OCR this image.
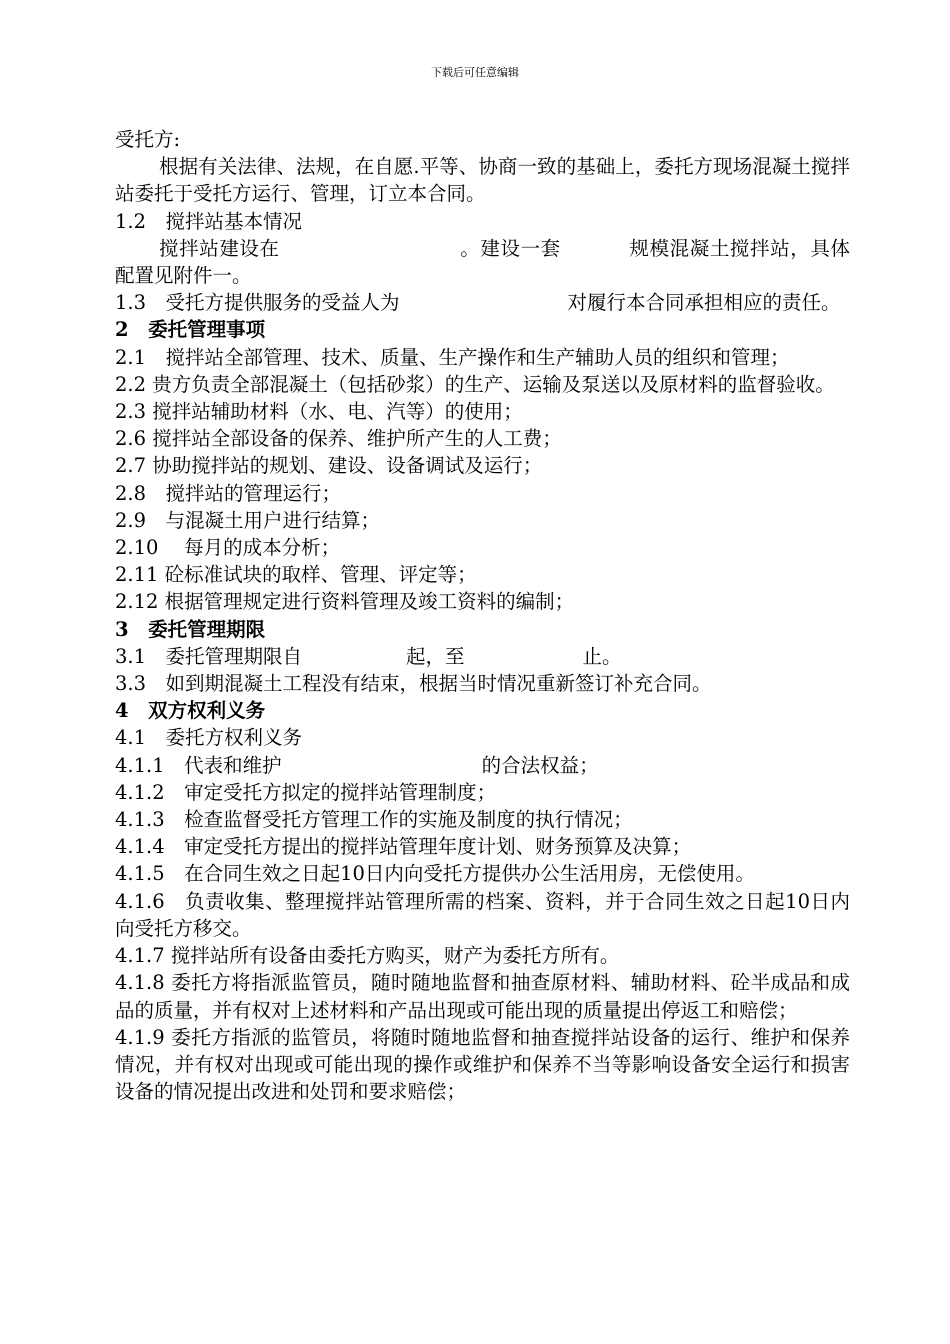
下载后可任意编辑

受托方:

根据有关法律、法规，在自愿.平等、协商一致的基础上，委托方现场混凝土搅拌站委托于受托方运行、管理，订立本合同。

1.2　搅拌站基本情况

搅拌站建设在	。建设一套	规模混凝土搅拌站，具体配置见附件一。

1.3　受托方提供服务的受益人为	对履行本合同承担相应的责任。

2　委托管理事项

2.1　搅拌站全部管理、技术、质量、生产操作和生产辅助人员的组织和管理；

2.2 贵方负责全部混凝土（包括砂浆）的生产、运输及泵送以及原材料的监督验收。

2.3 搅拌站辅助材料（水、电、汽等）的使用；

2.6 搅拌站全部设备的保养、维护所产生的人工费；

2.7 协助搅拌站的规划、建设、设备调试及运行；

2.8　搅拌站的管理运行；

2.9　与混凝土用户进行结算；

2.10　 每月的成本分析；

2.11 砼标准试块的取样、管理、评定等；

2.12 根据管理规定进行资料管理及竣工资料的编制；

3　委托管理期限

3.1　委托管理期限自	起，至	止。

3.3　如到期混凝土工程没有结束，根据当时情况重新签订补充合同。

4　双方权利义务

4.1　委托方权利义务

4.1.1　代表和维护	的合法权益；

4.1.2　审定受托方拟定的搅拌站管理制度；

4.1.3　检查监督受托方管理工作的实施及制度的执行情况；

4.1.4　审定受托方提出的搅拌站管理年度计划、财务预算及决算；

4.1.5　在合同生效之日起10日内向受托方提供办公生活用房，无偿使用。

4.1.6　负责收集、整理搅拌站管理所需的档案、资料，并于合同生效之日起10日内向受托方移交。

4.1.7 搅拌站所有设备由委托方购买，财产为委托方所有。

4.1.8 委托方将指派监管员，随时随地监督和抽查原材料、辅助材料、砼半成品和成品的质量，并有权对上述材料和产品出现或可能出现的质量提出停返工和赔偿；

4.1.9 委托方指派的监管员，将随时随地监督和抽查搅拌站设备的运行、维护和保养情况，并有权对出现或可能出现的操作或维护和保养不当等影响设备安全运行和损害设备的情况提出改进和处罚和要求赔偿；
